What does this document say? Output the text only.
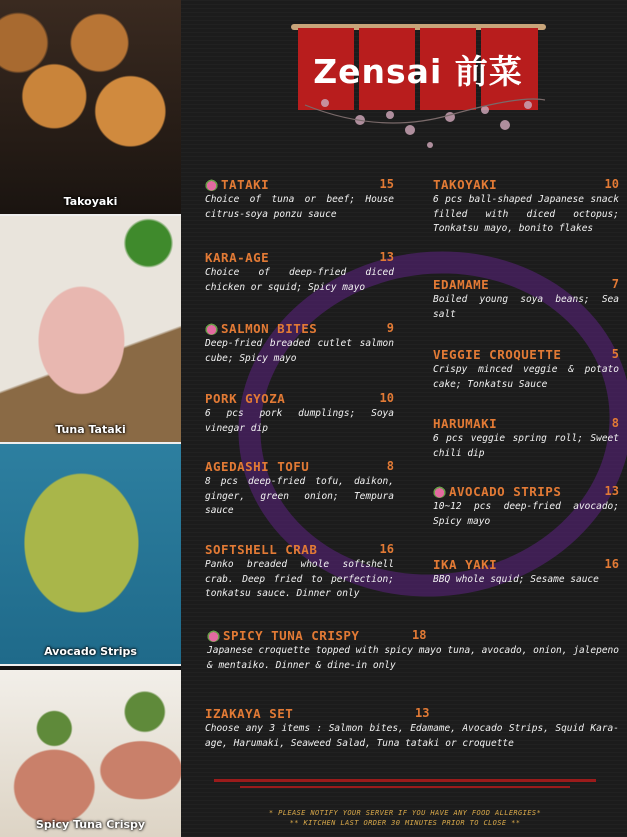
Takoyaki
Tuna Tataki
Avocado Strips
Spicy Tuna Crispy
Zensai 前菜
TATAKI	15
Choice of tuna or beef; House citrus-soya ponzu sauce
KARA-AGE	13
Choice of deep-fried diced chicken or squid; Spicy mayo
SALMON BITES	9
Deep-fried breaded cutlet salmon cube; Spicy mayo
PORK GYOZA	10
6 pcs pork dumplings; Soya vinegar dip
AGEDASHI TOFU	8
8 pcs deep-fried tofu, daikon, ginger, green onion; Tempura sauce
SOFTSHELL CRAB	16
Panko breaded whole softshell crab. Deep fried to perfection; tonkatsu sauce. Dinner only
TAKOYAKI	10
6 pcs ball-shaped Japanese snack filled with diced octopus; Tonkatsu mayo, bonito flakes
EDAMAME	7
Boiled young soya beans; Sea salt
VEGGIE CROQUETTE	5
Crispy minced veggie & potato cake; Tonkatsu Sauce
HARUMAKI	8
6 pcs veggie spring roll; Sweet chili dip
AVOCADO STRIPS	13
10~12 pcs deep-fried avocado; Spicy mayo
IKA YAKI	16
BBQ whole squid; Sesame sauce
SPICY TUNA CRISPY	18
Japanese croquette topped with spicy mayo tuna, avocado, onion, jalepeno & mentaiko. Dinner & dine-in only
IZAKAYA SET	13
Choose any 3 items : Salmon bites, Edamame, Avocado Strips, Squid Kara-age, Harumaki, Seaweed Salad, Tuna tataki or croquette
* PLEASE NOTIFY YOUR SERVER IF YOU HAVE ANY FOOD ALLERGIES*
** KITCHEN LAST ORDER 30 MINUTES PRIOR TO CLOSE **
